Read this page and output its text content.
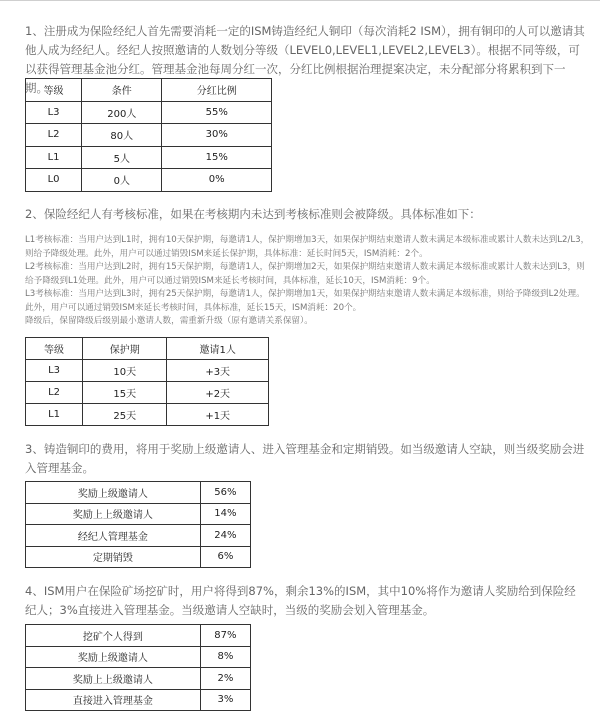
1、注册成为保险经纪人首先需要消耗一定的ISM铸造经纪人铜印（每次消耗2 ISM），拥有铜印的人可以邀请其他人成为经纪人。经纪人按照邀请的人数划分等级（LEVEL0,LEVEL1,LEVEL2,LEVEL3）。根据不同等级，可以获得管理基金池分红。管理基金池每周分红一次，分红比例根据治理提案决定，未分配部分将累积到下一期。

等级	条件	分红比例
L3	200人	55%
L2	80人	30%
L1	5人	15%
L0	0人	0%

2、保险经纪人有考核标准，如果在考核期内未达到考核标准则会被降级。具体标准如下：

L1考核标准：当用户达到L1时，拥有10天保护期，每邀请1人，保护期增加3天，如果保护期结束邀请人数未满足本级标准或累计人数未达到L2/L3，则给予降级处理。此外，用户可以通过销毁ISM来延长保护期，具体标准：延长时间5天，ISM消耗：2个。

L2考核标准：当用户达到L2时，拥有15天保护期，每邀请1人，保护期增加2天，如果保护期结束邀请人数未满足本级标准或累计人数未达到L3，则给予降级到L1处理。此外，用户可以通过销毁ISM来延长考核时间，具体标准，延长10天，ISM消耗：9个。

L3考核标准：当用户达到L3时，拥有25天保护期，每邀请1人，保护期增加1天，如果保护期结束邀请人数未满足本级标准，则给予降级到L2处理。此外，用户可以通过销毁ISM来延长考核时间，具体标准，延长15天，ISM消耗：20个。

降级后，保留降级后级别最小邀请人数，需重新升级（原有邀请关系保留）。

等级	保护期	邀请1人
L3	10天	+3天
L2	15天	+2天
L1	25天	+1天

3、铸造铜印的费用，将用于奖励上级邀请人、进入管理基金和定期销毁。如当级邀请人空缺，则当级奖励会进入管理基金。

奖励上级邀请人	56%
奖励上上级邀请人	14%
经纪人管理基金	24%
定期销毁	6%

4、ISM用户在保险矿场挖矿时，用户将得到87%，剩余13%的ISM，其中10%将作为邀请人奖励给到保险经纪人；3%直接进入管理基金。当级邀请人空缺时，当级的奖励会划入管理基金。

挖矿个人得到	87%
奖励上级邀请人	8%
奖励上上级邀请人	2%
直接进入管理基金	3%
